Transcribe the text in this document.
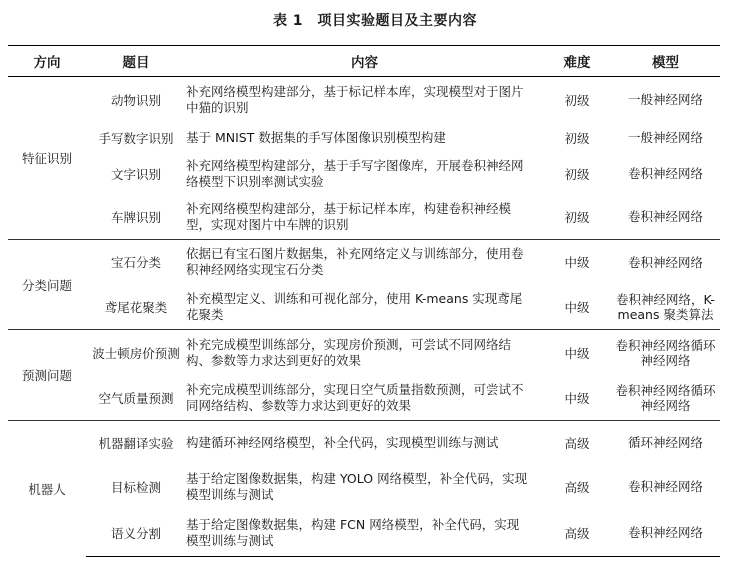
表 1　项目实验题目及主要内容
方向	题目	内容	难度	模型
特征识别	动物识别	补充网络模型构建部分，基于标记样本库，实现模型对于图片中猫的识别	初级	一般神经网络
	手写数字识别	基于 MNIST 数据集的手写体图像识别模型构建	初级	一般神经网络
	文字识别	补充网络模型构建部分，基于手写字图像库，开展卷积神经网络模型下识别率测试实验	初级	卷积神经网络
	车牌识别	补充网络模型构建部分，基于标记样本库，构建卷积神经模型，实现对图片中车牌的识别	初级	卷积神经网络
分类问题	宝石分类	依据已有宝石图片数据集，补充网络定义与训练部分，使用卷积神经网络实现宝石分类	中级	卷积神经网络
	鸢尾花聚类	补充模型定义、训练和可视化部分，使用 K-means 实现鸢尾花聚类	中级	卷积神经网络，K-means 聚类算法
预测问题	波士顿房价预测	补充完成模型训练部分，实现房价预测，可尝试不同网络结构、参数等力求达到更好的效果	中级	卷积神经网络循环神经网络
	空气质量预测	补充完成模型训练部分，实现日空气质量指数预测，可尝试不同网络结构、参数等力求达到更好的效果	中级	卷积神经网络循环神经网络
机器人	机器翻译实验	构建循环神经网络模型，补全代码，实现模型训练与测试	高级	循环神经网络
	目标检测	基于给定图像数据集，构建 YOLO 网络模型，补全代码，实现模型训练与测试	高级	卷积神经网络
	语义分割	基于给定图像数据集，构建 FCN 网络模型，补全代码，实现模型训练与测试	高级	卷积神经网络
